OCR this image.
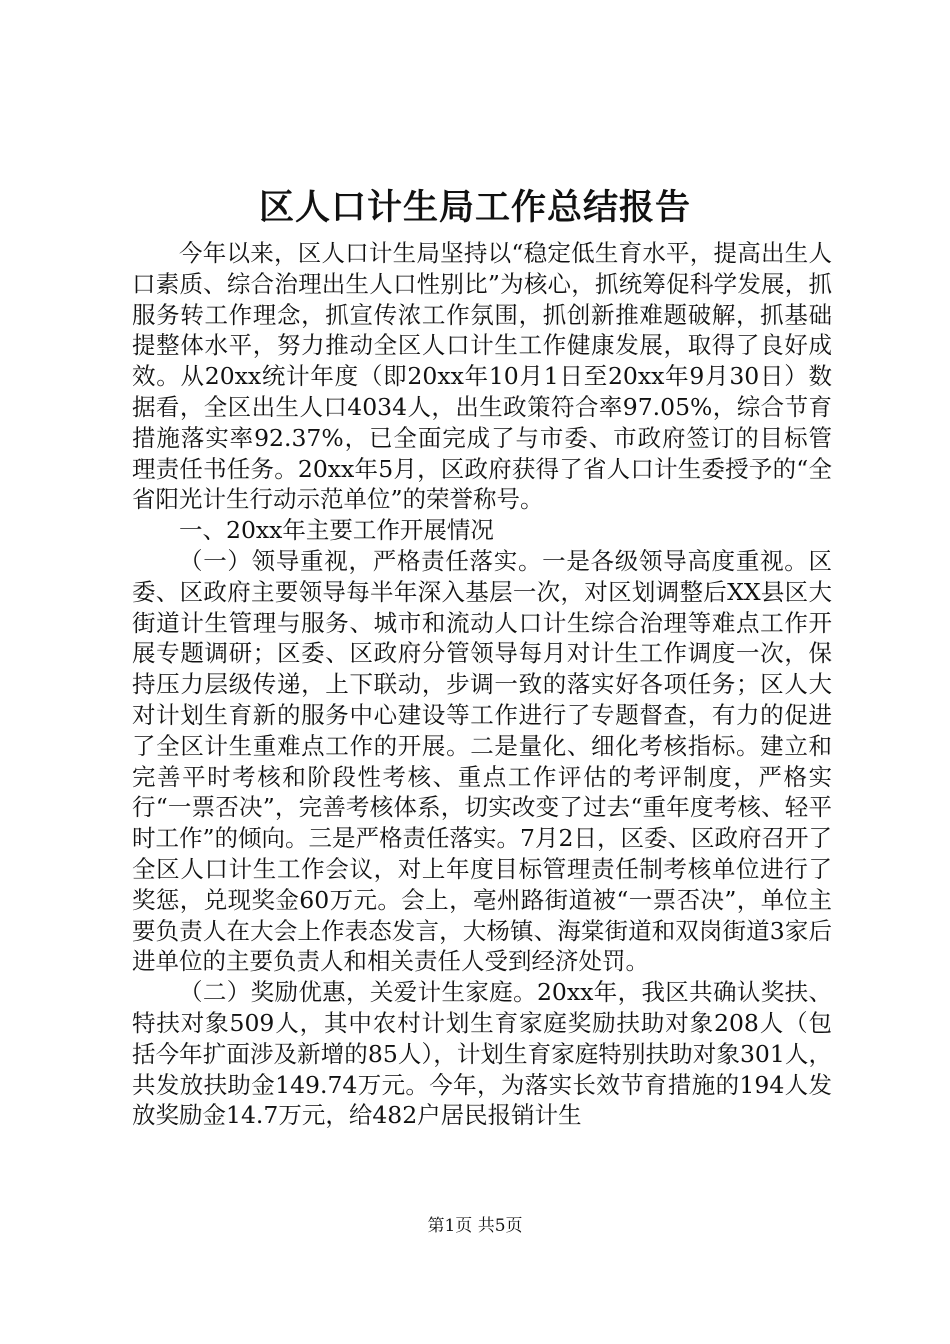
区人口计生局工作总结报告

今年以来，区人口计生局坚持以“稳定低生育水平，提高出生人口素质、综合治理出生人口性别比”为核心，抓统筹促科学发展，抓服务转工作理念，抓宣传浓工作氛围，抓创新推难题破解，抓基础提整体水平，努力推动全区人口计生工作健康发展，取得了良好成效。从20xx统计年度（即20xx年10月1日至20xx年9月30日）数据看，全区出生人口4034人，出生政策符合率97.05%，综合节育措施落实率92.37%，已全面完成了与市委、市政府签订的目标管理责任书任务。20xx年5月，区政府获得了省人口计生委授予的“全省阳光计生行动示范单位”的荣誉称号。

一、20xx年主要工作开展情况

（一）领导重视，严格责任落实。一是各级领导高度重视。区委、区政府主要领导每半年深入基层一次，对区划调整后XX县区大街道计生管理与服务、城市和流动人口计生综合治理等难点工作开展专题调研；区委、区政府分管领导每月对计生工作调度一次，保持压力层级传递，上下联动，步调一致的落实好各项任务；区人大对计划生育新的服务中心建设等工作进行了专题督查，有力的促进了全区计生重难点工作的开展。二是量化、细化考核指标。建立和完善平时考核和阶段性考核、重点工作评估的考评制度，严格实行“一票否决”，完善考核体系，切实改变了过去“重年度考核、轻平时工作”的倾向。三是严格责任落实。7月2日，区委、区政府召开了全区人口计生工作会议，对上年度目标管理责任制考核单位进行了奖惩，兑现奖金60万元。会上，亳州路街道被“一票否决”，单位主要负责人在大会上作表态发言，大杨镇、海棠街道和双岗街道3家后进单位的主要负责人和相关责任人受到经济处罚。

（二）奖励优惠，关爱计生家庭。20xx年，我区共确认奖扶、特扶对象509人，其中农村计划生育家庭奖励扶助对象208人（包括今年扩面涉及新增的85人），计划生育家庭特别扶助对象301人，共发放扶助金149.74万元。今年，为落实长效节育措施的194人发放奖励金14.7万元，给482户居民报销计生

第1页 共5页
